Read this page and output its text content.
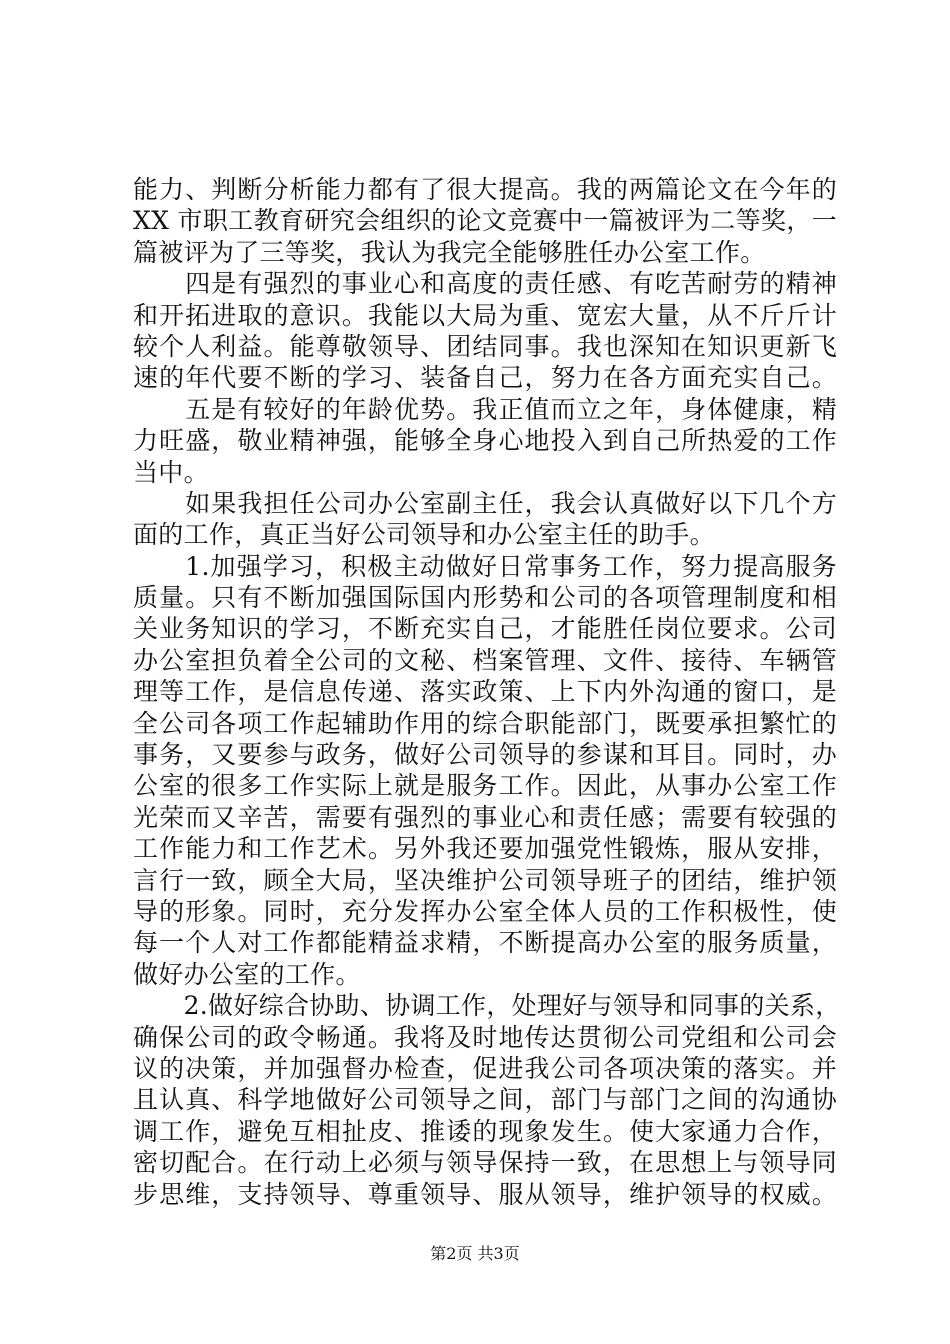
能力、判断分析能力都有了很大提高。我的两篇论文在今年的
XX 市职工教育研究会组织的论文竞赛中一篇被评为二等奖，一
篇被评为了三等奖，我认为我完全能够胜任办公室工作。
　　四是有强烈的事业心和高度的责任感、有吃苦耐劳的精神
和开拓进取的意识。我能以大局为重、宽宏大量，从不斤斤计
较个人利益。能尊敬领导、团结同事。我也深知在知识更新飞
速的年代要不断的学习、装备自己，努力在各方面充实自己。
　　五是有较好的年龄优势。我正值而立之年，身体健康，精
力旺盛，敬业精神强，能够全身心地投入到自己所热爱的工作
当中。
　　如果我担任公司办公室副主任，我会认真做好以下几个方
面的工作，真正当好公司领导和办公室主任的助手。
　　1.加强学习，积极主动做好日常事务工作，努力提高服务
质量。只有不断加强国际国内形势和公司的各项管理制度和相
关业务知识的学习，不断充实自己，才能胜任岗位要求。公司
办公室担负着全公司的文秘、档案管理、文件、接待、车辆管
理等工作，是信息传递、落实政策、上下内外沟通的窗口，是
全公司各项工作起辅助作用的综合职能部门，既要承担繁忙的
事务，又要参与政务，做好公司领导的参谋和耳目。同时，办
公室的很多工作实际上就是服务工作。因此，从事办公室工作
光荣而又辛苦，需要有强烈的事业心和责任感；需要有较强的
工作能力和工作艺术。另外我还要加强党性锻炼，服从安排，
言行一致，顾全大局，坚决维护公司领导班子的团结，维护领
导的形象。同时，充分发挥办公室全体人员的工作积极性，使
每一个人对工作都能精益求精，不断提高办公室的服务质量，
做好办公室的工作。
　　2.做好综合协助、协调工作，处理好与领导和同事的关系，
确保公司的政令畅通。我将及时地传达贯彻公司党组和公司会
议的决策，并加强督办检查，促进我公司各项决策的落实。并
且认真、科学地做好公司领导之间，部门与部门之间的沟通协
调工作，避免互相扯皮、推诿的现象发生。使大家通力合作，
密切配合。在行动上必须与领导保持一致，在思想上与领导同
步思维，支持领导、尊重领导、服从领导，维护领导的权威。
第2页 共3页
